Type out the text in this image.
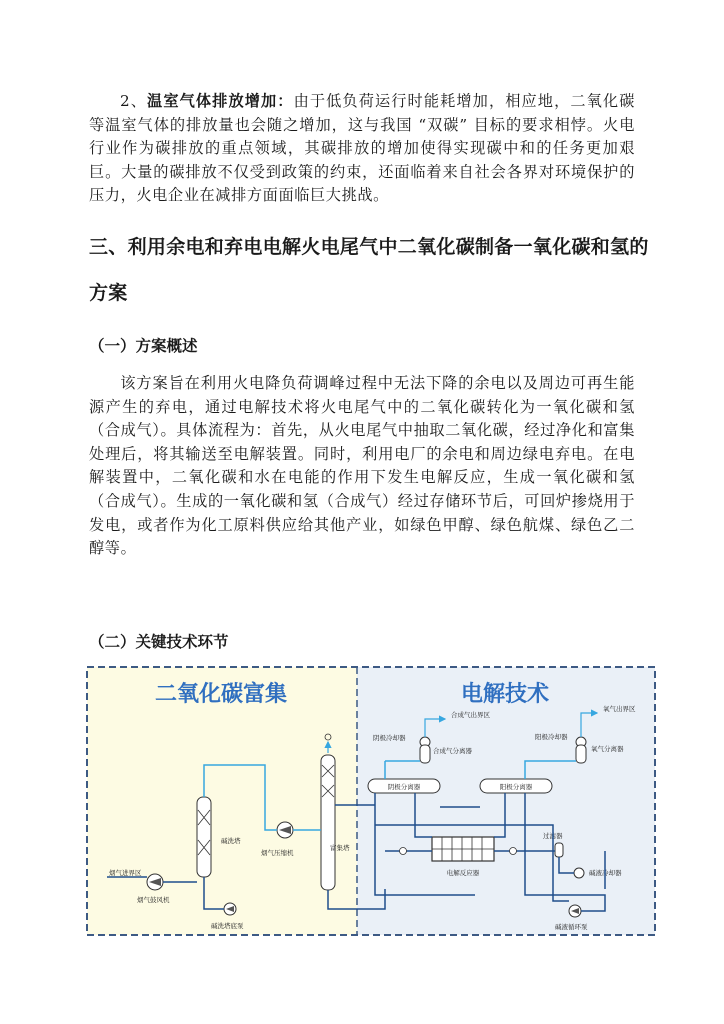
2、温室气体排放增加：由于低负荷运行时能耗增加，相应地，二氧化碳等温室气体的排放量也会随之增加，这与我国 “双碳” 目标的要求相悖。火电行业作为碳排放的重点领域，其碳排放的增加使得实现碳中和的任务更加艰巨。大量的碳排放不仅受到政策的约束，还面临着来自社会各界对环境保护的压力，火电企业在减排方面面临巨大挑战。

三、利用余电和弃电电解火电尾气中二氧化碳制备一氧化碳和氢的方案
（一）方案概述

该方案旨在利用火电降负荷调峰过程中无法下降的余电以及周边可再生能源产生的弃电，通过电解技术将火电尾气中的二氧化碳转化为一氧化碳和氢（合成气）。具体流程为：首先，从火电尾气中抽取二氧化碳，经过净化和富集处理后，将其输送至电解装置。同时，利用电厂的余电和周边绿电弃电。在电解装置中，二氧化碳和水在电能的作用下发生电解反应，生成一氧化碳和氢（合成气）。生成的一氧化碳和氢（合成气）经过存储环节后，可回炉掺烧用于发电，或者作为化工原料供应给其他产业，如绿色甲醇、绿色航煤、绿色乙二醇等。

（二）关键技术环节
二氧化碳富集	电解技术
烟气进界区
烟气鼓风机
碱洗塔
碱洗塔底泵
烟气压缩机
富集塔
阴极冷却器
合成气出界区
合成气分离器
阴极分离器
阳极冷却器
氧气出界区
氧气分离器
阳极分离器
电解反应器
过滤器
碱液冷却器
碱液循环泵
